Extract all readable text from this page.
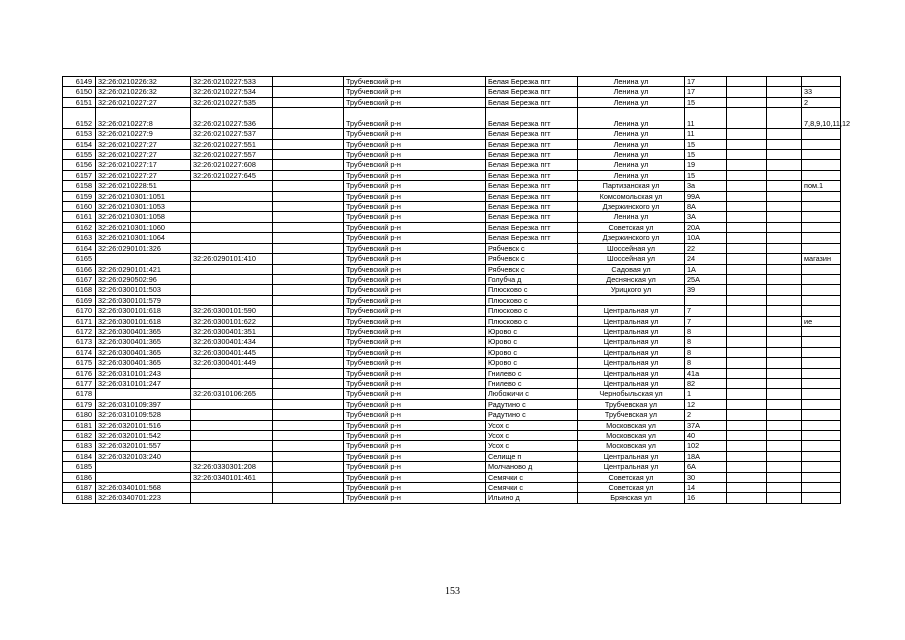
6149	32:26:0210226:32	32:26:0210227:533		Трубчевский р-н	Белая Березка пгт	Ленина ул	17			
6150	32:26:0210226:32	32:26:0210227:534		Трубчевский р-н	Белая Березка пгт	Ленина ул	17			33
6151	32:26:0210227:27	32:26:0210227:535		Трубчевский р-н	Белая Березка пгт	Ленина ул	15			2
6152	32:26:0210227:8	32:26:0210227:536		Трубчевский р-н	Белая Березка пгт	Ленина ул	11			7,8,9,10,11,12
6153	32:26:0210227:9	32:26:0210227:537		Трубчевский р-н	Белая Березка пгт	Ленина ул	11			
6154	32:26:0210227:27	32:26:0210227:551		Трубчевский р-н	Белая Березка пгт	Ленина ул	15			
6155	32:26:0210227:27	32:26:0210227:557		Трубчевский р-н	Белая Березка пгт	Ленина ул	15			
6156	32:26:0210227:17	32:26:0210227:608		Трубчевский р-н	Белая Березка пгт	Ленина ул	19			
6157	32:26:0210227:27	32:26:0210227:645		Трубчевский р-н	Белая Березка пгт	Ленина ул	15			
6158	32:26:0210228:51			Трубчевский р-н	Белая Березка пгт	Партизанская ул	3а			пом.1
6159	32:26:0210301:1051			Трубчевский р-н	Белая Березка пгт	Комсомольская ул	99А			
6160	32:26:0210301:1053			Трубчевский р-н	Белая Березка пгт	Дзержинского ул	8А			
6161	32:26:0210301:1058			Трубчевский р-н	Белая Березка пгт	Ленина ул	3А			
6162	32:26:0210301:1060			Трубчевский р-н	Белая Березка пгт	Советская ул	20А			
6163	32:26:0210301:1064			Трубчевский р-н	Белая Березка пгт	Дзержинского ул	10А			
6164	32:26:0290101:326			Трубчевский р-н	Рябчевск с	Шоссейная ул	22			
6165		32:26:0290101:410		Трубчевский р-н	Рябчевск с	Шоссейная ул	24			магазин
6166	32:26:0290101:421			Трубчевский р-н	Рябчевск с	Садовая ул	1А			
6167	32:26:0290502:96			Трубчевский р-н	Голубча д	Деснянская ул	25А			
6168	32:26:0300101:503			Трубчевский р-н	Плюсково с	Урицкого ул	39			
6169	32:26:0300101:579			Трубчевский р-н	Плюсково с					
6170	32:26:0300101:618	32:26:0300101:590		Трубчевский р-н	Плюсково с	Центральная ул	7			
6171	32:26:0300101:618	32:26:0300101:622		Трубчевский р-н	Плюсково с	Центральная ул	7			ие
6172	32:26:0300401:365	32:26:0300401:351		Трубчевский р-н	Юрово с	Центральная ул	8			
6173	32:26:0300401:365	32:26:0300401:434		Трубчевский р-н	Юрово с	Центральная ул	8			
6174	32:26:0300401:365	32:26:0300401:445		Трубчевский р-н	Юрово с	Центральная ул	8			
6175	32:26:0300401:365	32:26:0300401:449		Трубчевский р-н	Юрово с	Центральная ул	8			
6176	32:26:0310101:243			Трубчевский р-н	Гнилево с	Центральная ул	41а			
6177	32:26:0310101:247			Трубчевский р-н	Гнилево с	Центральная ул	82			
6178		32:26:0310106:265		Трубчевский р-н	Любожичи с	Чернобыльская ул	1			
6179	32:26:0310109:397			Трубчевский р-н	Радутино с	Трубчевская ул	12			
6180	32:26:0310109:528			Трубчевский р-н	Радутино с	Трубчевская ул	2			
6181	32:26:0320101:516			Трубчевский р-н	Усох с	Московская ул	37А			
6182	32:26:0320101:542			Трубчевский р-н	Усох с	Московская ул	40			
6183	32:26:0320101:557			Трубчевский р-н	Усох с	Московская ул	102			
6184	32:26:0320103:240			Трубчевский р-н	Селище п	Центральная ул	18А			
6185		32:26:0330301:208		Трубчевский р-н	Молчаново д	Центральная ул	6А			
6186		32:26:0340101:461		Трубчевский р-н	Семячки с	Советская ул	30			
6187	32:26:0340101:568			Трубчевский р-н	Семячки с	Советская ул	14			
6188	32:26:0340701:223			Трубчевский р-н	Ильино д	Брянская ул	16			
153
